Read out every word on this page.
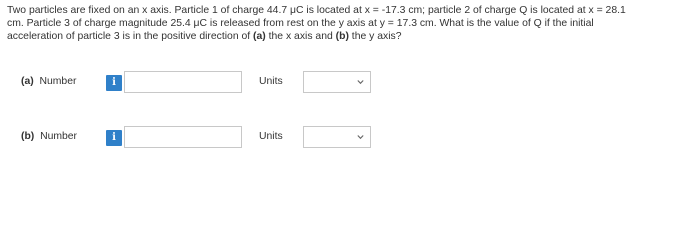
Two particles are fixed on an x axis. Particle 1 of charge 44.7 μC is located at x = -17.3 cm; particle 2 of charge Q is located at x = 28.1

cm. Particle 3 of charge magnitude 25.4 μC is released from rest on the y axis at y = 17.3 cm. What is the value of Q if the initial

acceleration of particle 3 is in the positive direction of (a) the x axis and (b) the y axis?

(a) Number	i	Units
(b) Number	i	Units
